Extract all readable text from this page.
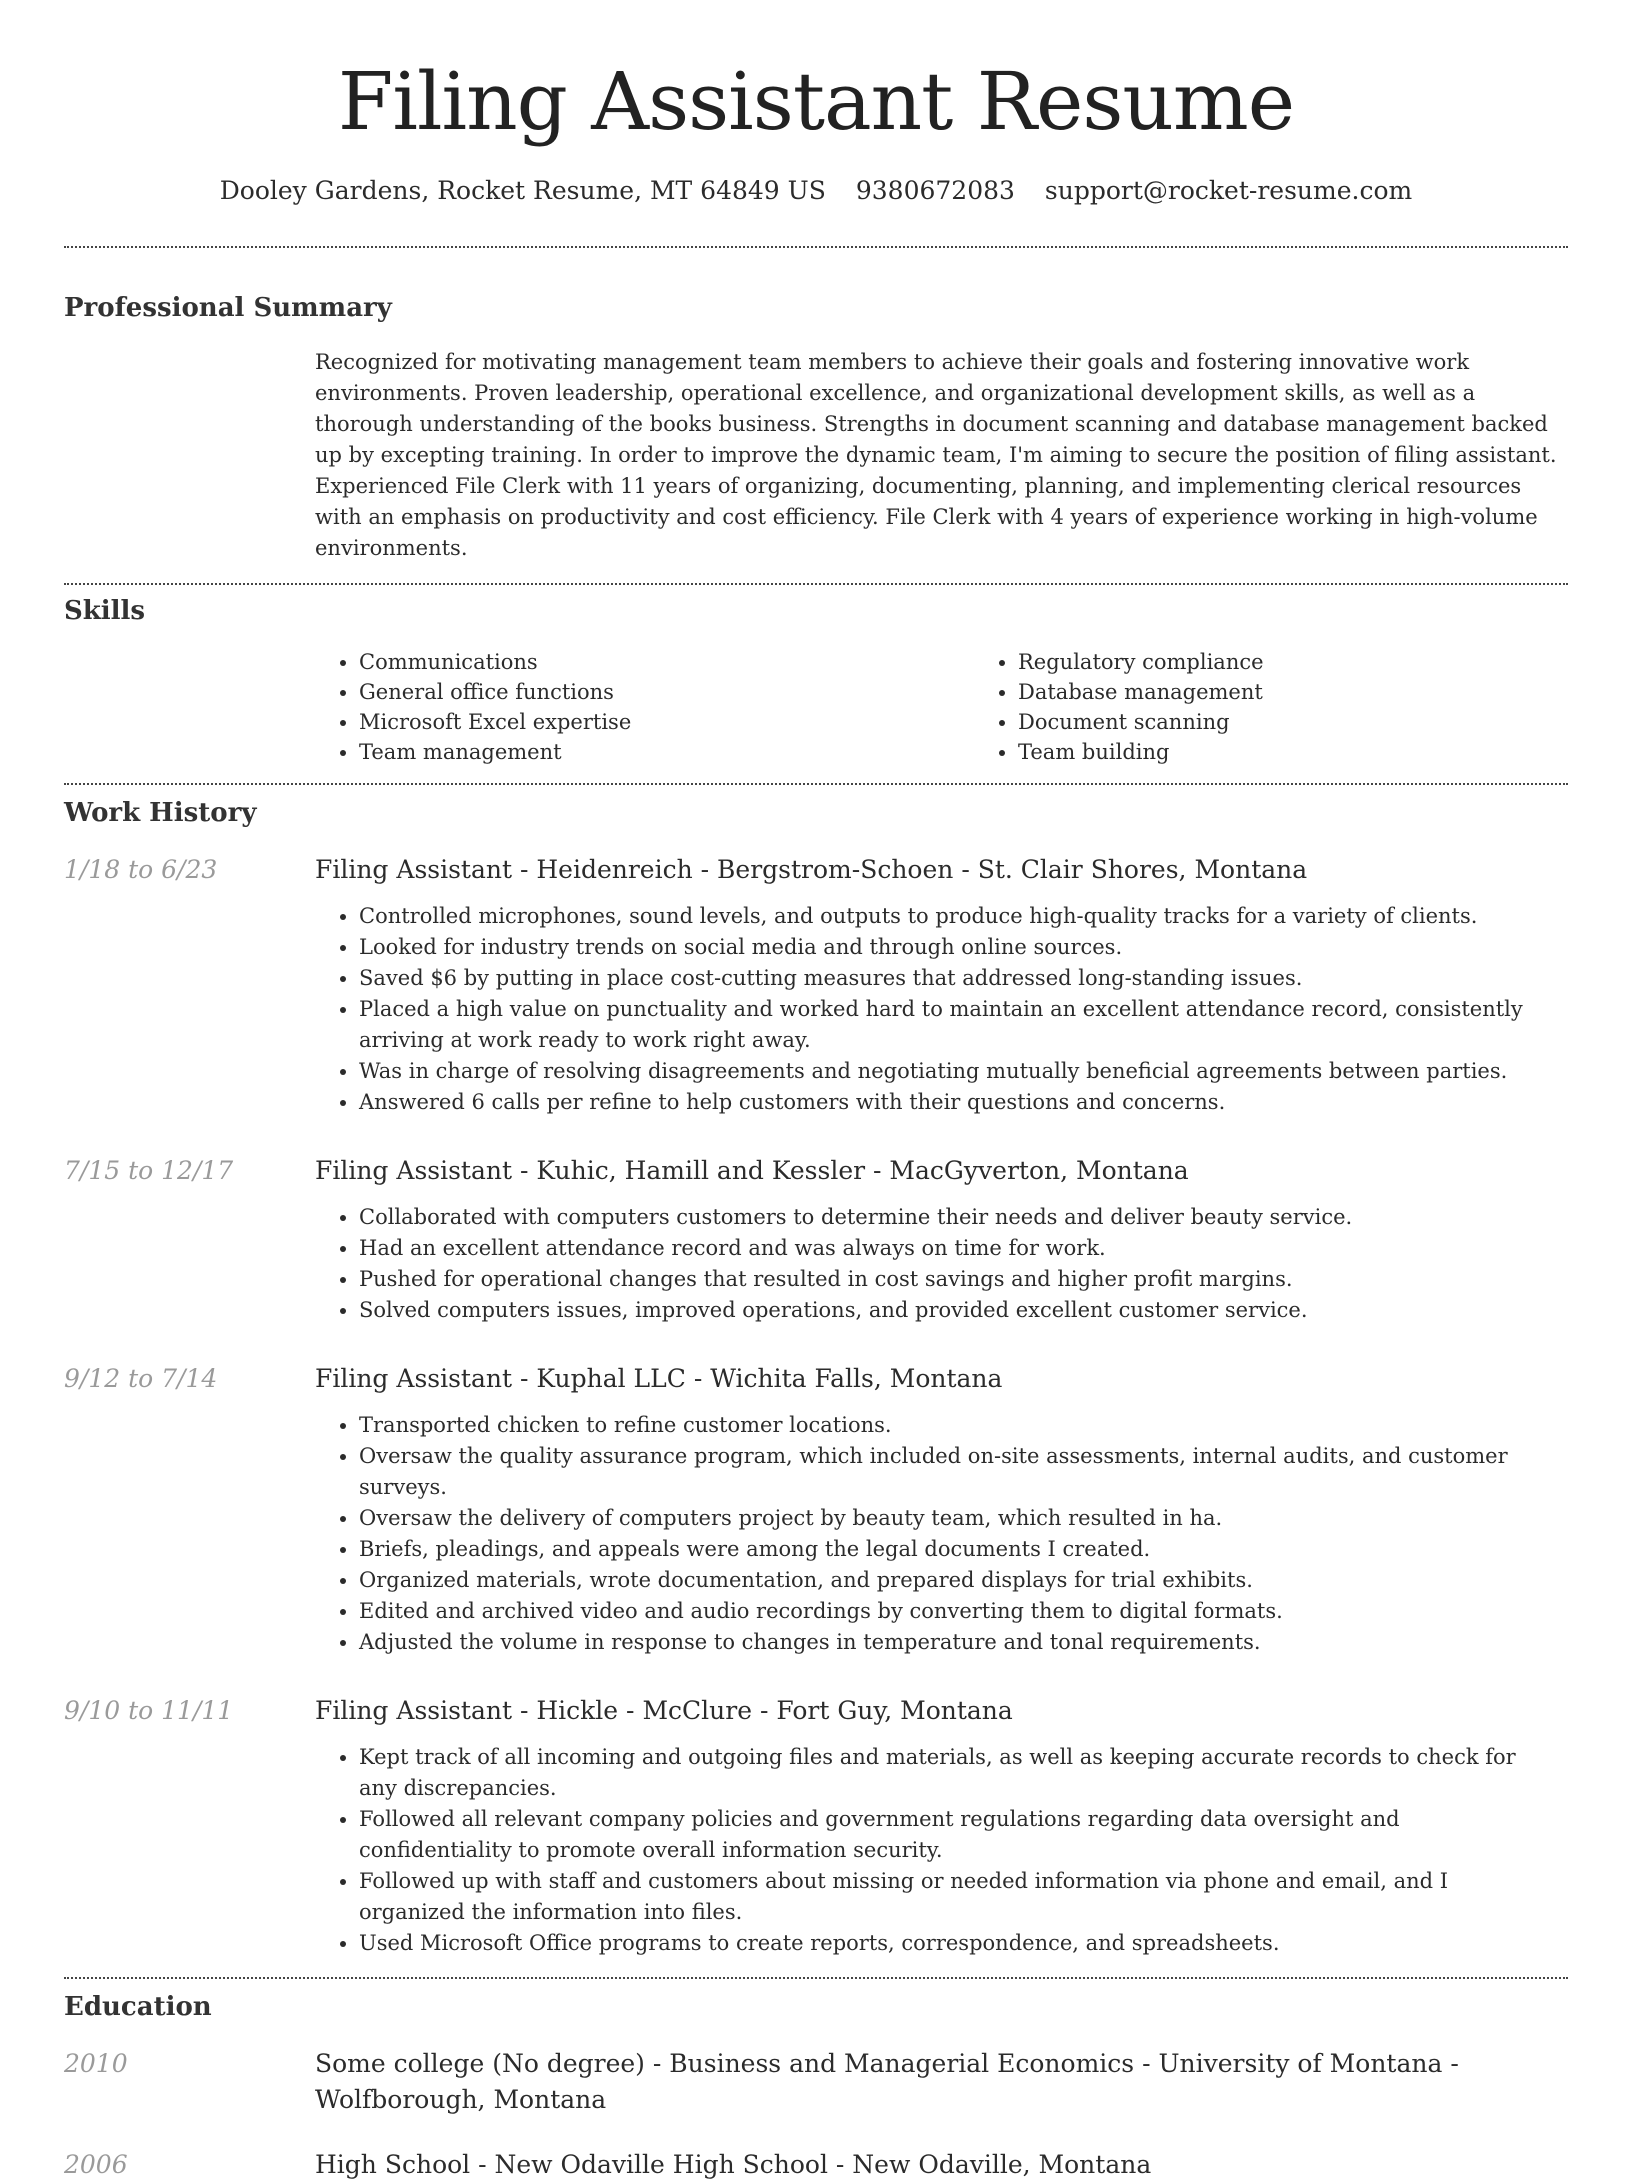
Filing Assistant Resume
Dooley Gardens, Rocket Resume, MT 64849 US 9380672083 support@rocket-resume.com
Professional Summary
Recognized for motivating management team members to achieve their goals and fostering innovative work environments. Proven leadership, operational excellence, and organizational development skills, as well as a thorough understanding of the books business. Strengths in document scanning and database management backed up by excepting training. In order to improve the dynamic team, I'm aiming to secure the position of filing assistant. Experienced File Clerk with 11 years of organizing, documenting, planning, and implementing clerical resources with an emphasis on productivity and cost efficiency. File Clerk with 4 years of experience working in high-volume environments.
Skills
• Communications
• General office functions
• Microsoft Excel expertise
• Team management
• Regulatory compliance
• Database management
• Document scanning
• Team building
Work History
1/18 to 6/23	Filing Assistant - Heidenreich - Bergstrom-Schoen - St. Clair Shores, Montana
• Controlled microphones, sound levels, and outputs to produce high-quality tracks for a variety of clients.
• Looked for industry trends on social media and through online sources.
• Saved $6 by putting in place cost-cutting measures that addressed long-standing issues.
• Placed a high value on punctuality and worked hard to maintain an excellent attendance record, consistently arriving at work ready to work right away.
• Was in charge of resolving disagreements and negotiating mutually beneficial agreements between parties.
• Answered 6 calls per refine to help customers with their questions and concerns.
7/15 to 12/17	Filing Assistant - Kuhic, Hamill and Kessler - MacGyverton, Montana
• Collaborated with computers customers to determine their needs and deliver beauty service.
• Had an excellent attendance record and was always on time for work.
• Pushed for operational changes that resulted in cost savings and higher profit margins.
• Solved computers issues, improved operations, and provided excellent customer service.
9/12 to 7/14	Filing Assistant - Kuphal LLC - Wichita Falls, Montana
• Transported chicken to refine customer locations.
• Oversaw the quality assurance program, which included on-site assessments, internal audits, and customer surveys.
• Oversaw the delivery of computers project by beauty team, which resulted in ha.
• Briefs, pleadings, and appeals were among the legal documents I created.
• Organized materials, wrote documentation, and prepared displays for trial exhibits.
• Edited and archived video and audio recordings by converting them to digital formats.
• Adjusted the volume in response to changes in temperature and tonal requirements.
9/10 to 11/11	Filing Assistant - Hickle - McClure - Fort Guy, Montana
• Kept track of all incoming and outgoing files and materials, as well as keeping accurate records to check for any discrepancies.
• Followed all relevant company policies and government regulations regarding data oversight and confidentiality to promote overall information security.
• Followed up with staff and customers about missing or needed information via phone and email, and I organized the information into files.
• Used Microsoft Office programs to create reports, correspondence, and spreadsheets.
Education
2010	Some college (No degree) - Business and Managerial Economics - University of Montana - Wolfborough, Montana
2006	High School - New Odaville High School - New Odaville, Montana
